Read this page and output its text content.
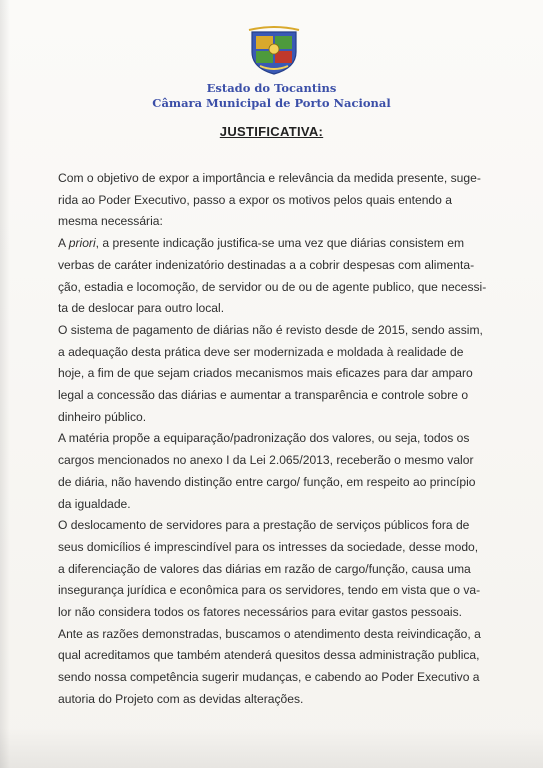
Estado do Tocantins
Câmara Municipal de Porto Nacional
JUSTIFICATIVA:
Com o objetivo de expor a importância e relevância da medida presente, suge-
rida ao Poder Executivo, passo a expor os motivos pelos quais entendo a
mesma necessária:
A priori, a presente indicação justifica-se uma vez que diárias consistem em
verbas de caráter indenizatório destinadas a a cobrir despesas com alimenta-
ção, estadia e locomoção, de servidor ou de ou de agente publico, que necessi-
ta de deslocar para outro local.
O sistema de pagamento de diárias não é revisto desde de 2015, sendo assim,
a adequação desta prática deve ser modernizada e moldada à realidade de
hoje, a fim de que sejam criados mecanismos mais eficazes para dar amparo
legal a concessão das diárias e aumentar a transparência e controle sobre o
dinheiro público.
A matéria propõe a equiparação/padronização dos valores, ou seja, todos os
cargos mencionados no anexo I da Lei 2.065/2013, receberão o mesmo valor
de diária, não havendo distinção entre cargo/ função, em respeito ao princípio
da igualdade.
O deslocamento de servidores para a prestação de serviços públicos fora de
seus domicílios é imprescindível para os intresses da sociedade, desse modo,
a diferenciação de valores das diárias em razão de cargo/função, causa uma
insegurança jurídica e econômica para os servidores, tendo em vista que o va-
lor não considera todos os fatores necessários para evitar gastos pessoais.
Ante as razões demonstradas, buscamos o atendimento desta reivindicação, a
qual acreditamos que também atenderá quesitos dessa administração publica,
sendo nossa competência sugerir mudanças, e cabendo ao Poder Executivo a
autoria do Projeto com as devidas alterações.
